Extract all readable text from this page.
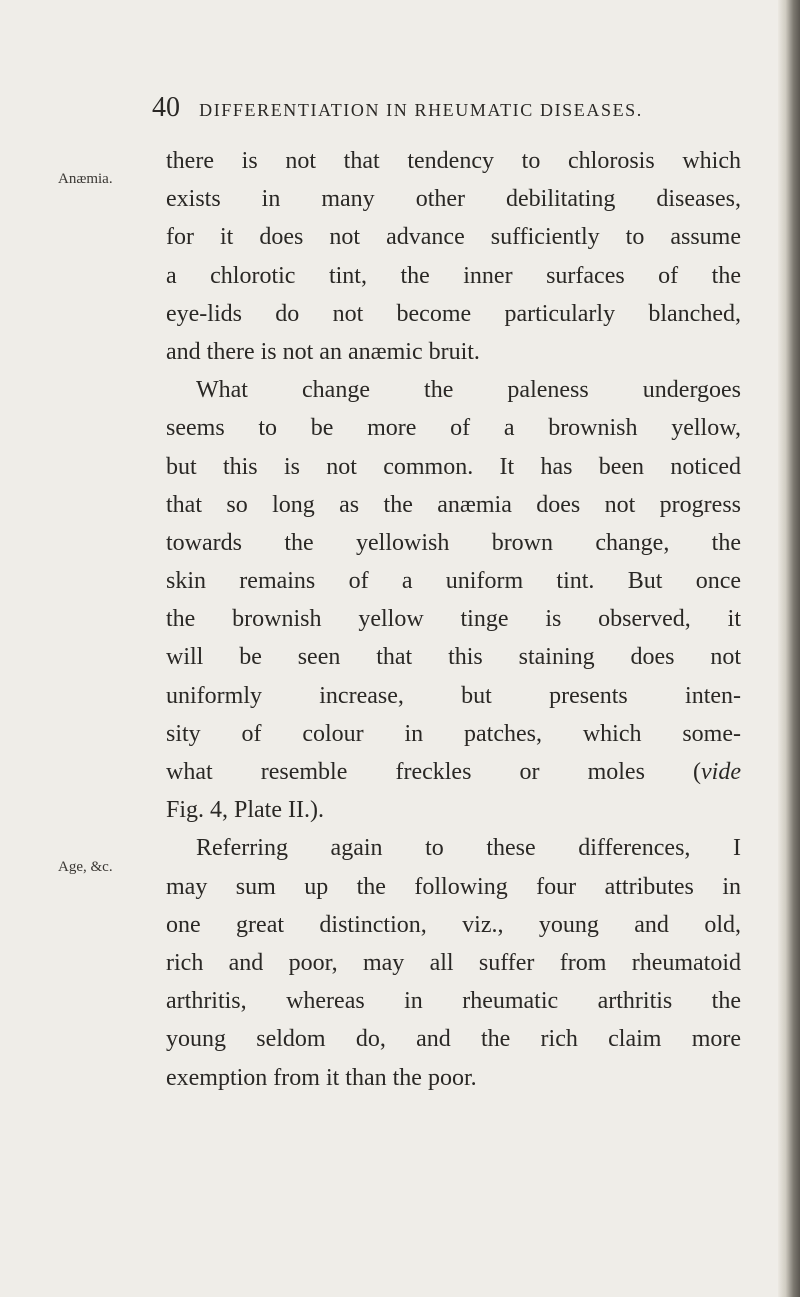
40 DIFFERENTIATION IN RHEUMATIC DISEASES.
Anæmia.
Age, &c.
there is not that tendency to chlorosis which
exists in many other debilitating diseases,
for it does not advance sufficiently to assume
a chlorotic tint, the inner surfaces of the
eye-lids do not become particularly blanched,
and there is not an anæmic bruit.
What change the paleness undergoes
seems to be more of a brownish yellow,
but this is not common. It has been noticed
that so long as the anæmia does not progress
towards the yellowish brown change, the
skin remains of a uniform tint. But once
the brownish yellow tinge is observed, it
will be seen that this staining does not
uniformly increase, but presents inten-
sity of colour in patches, which some-
what resemble freckles or moles (vide
Fig. 4, Plate II.).
Referring again to these differences, I
may sum up the following four attributes in
one great distinction, viz., young and old,
rich and poor, may all suffer from rheumatoid
arthritis, whereas in rheumatic arthritis the
young seldom do, and the rich claim more
exemption from it than the poor.
